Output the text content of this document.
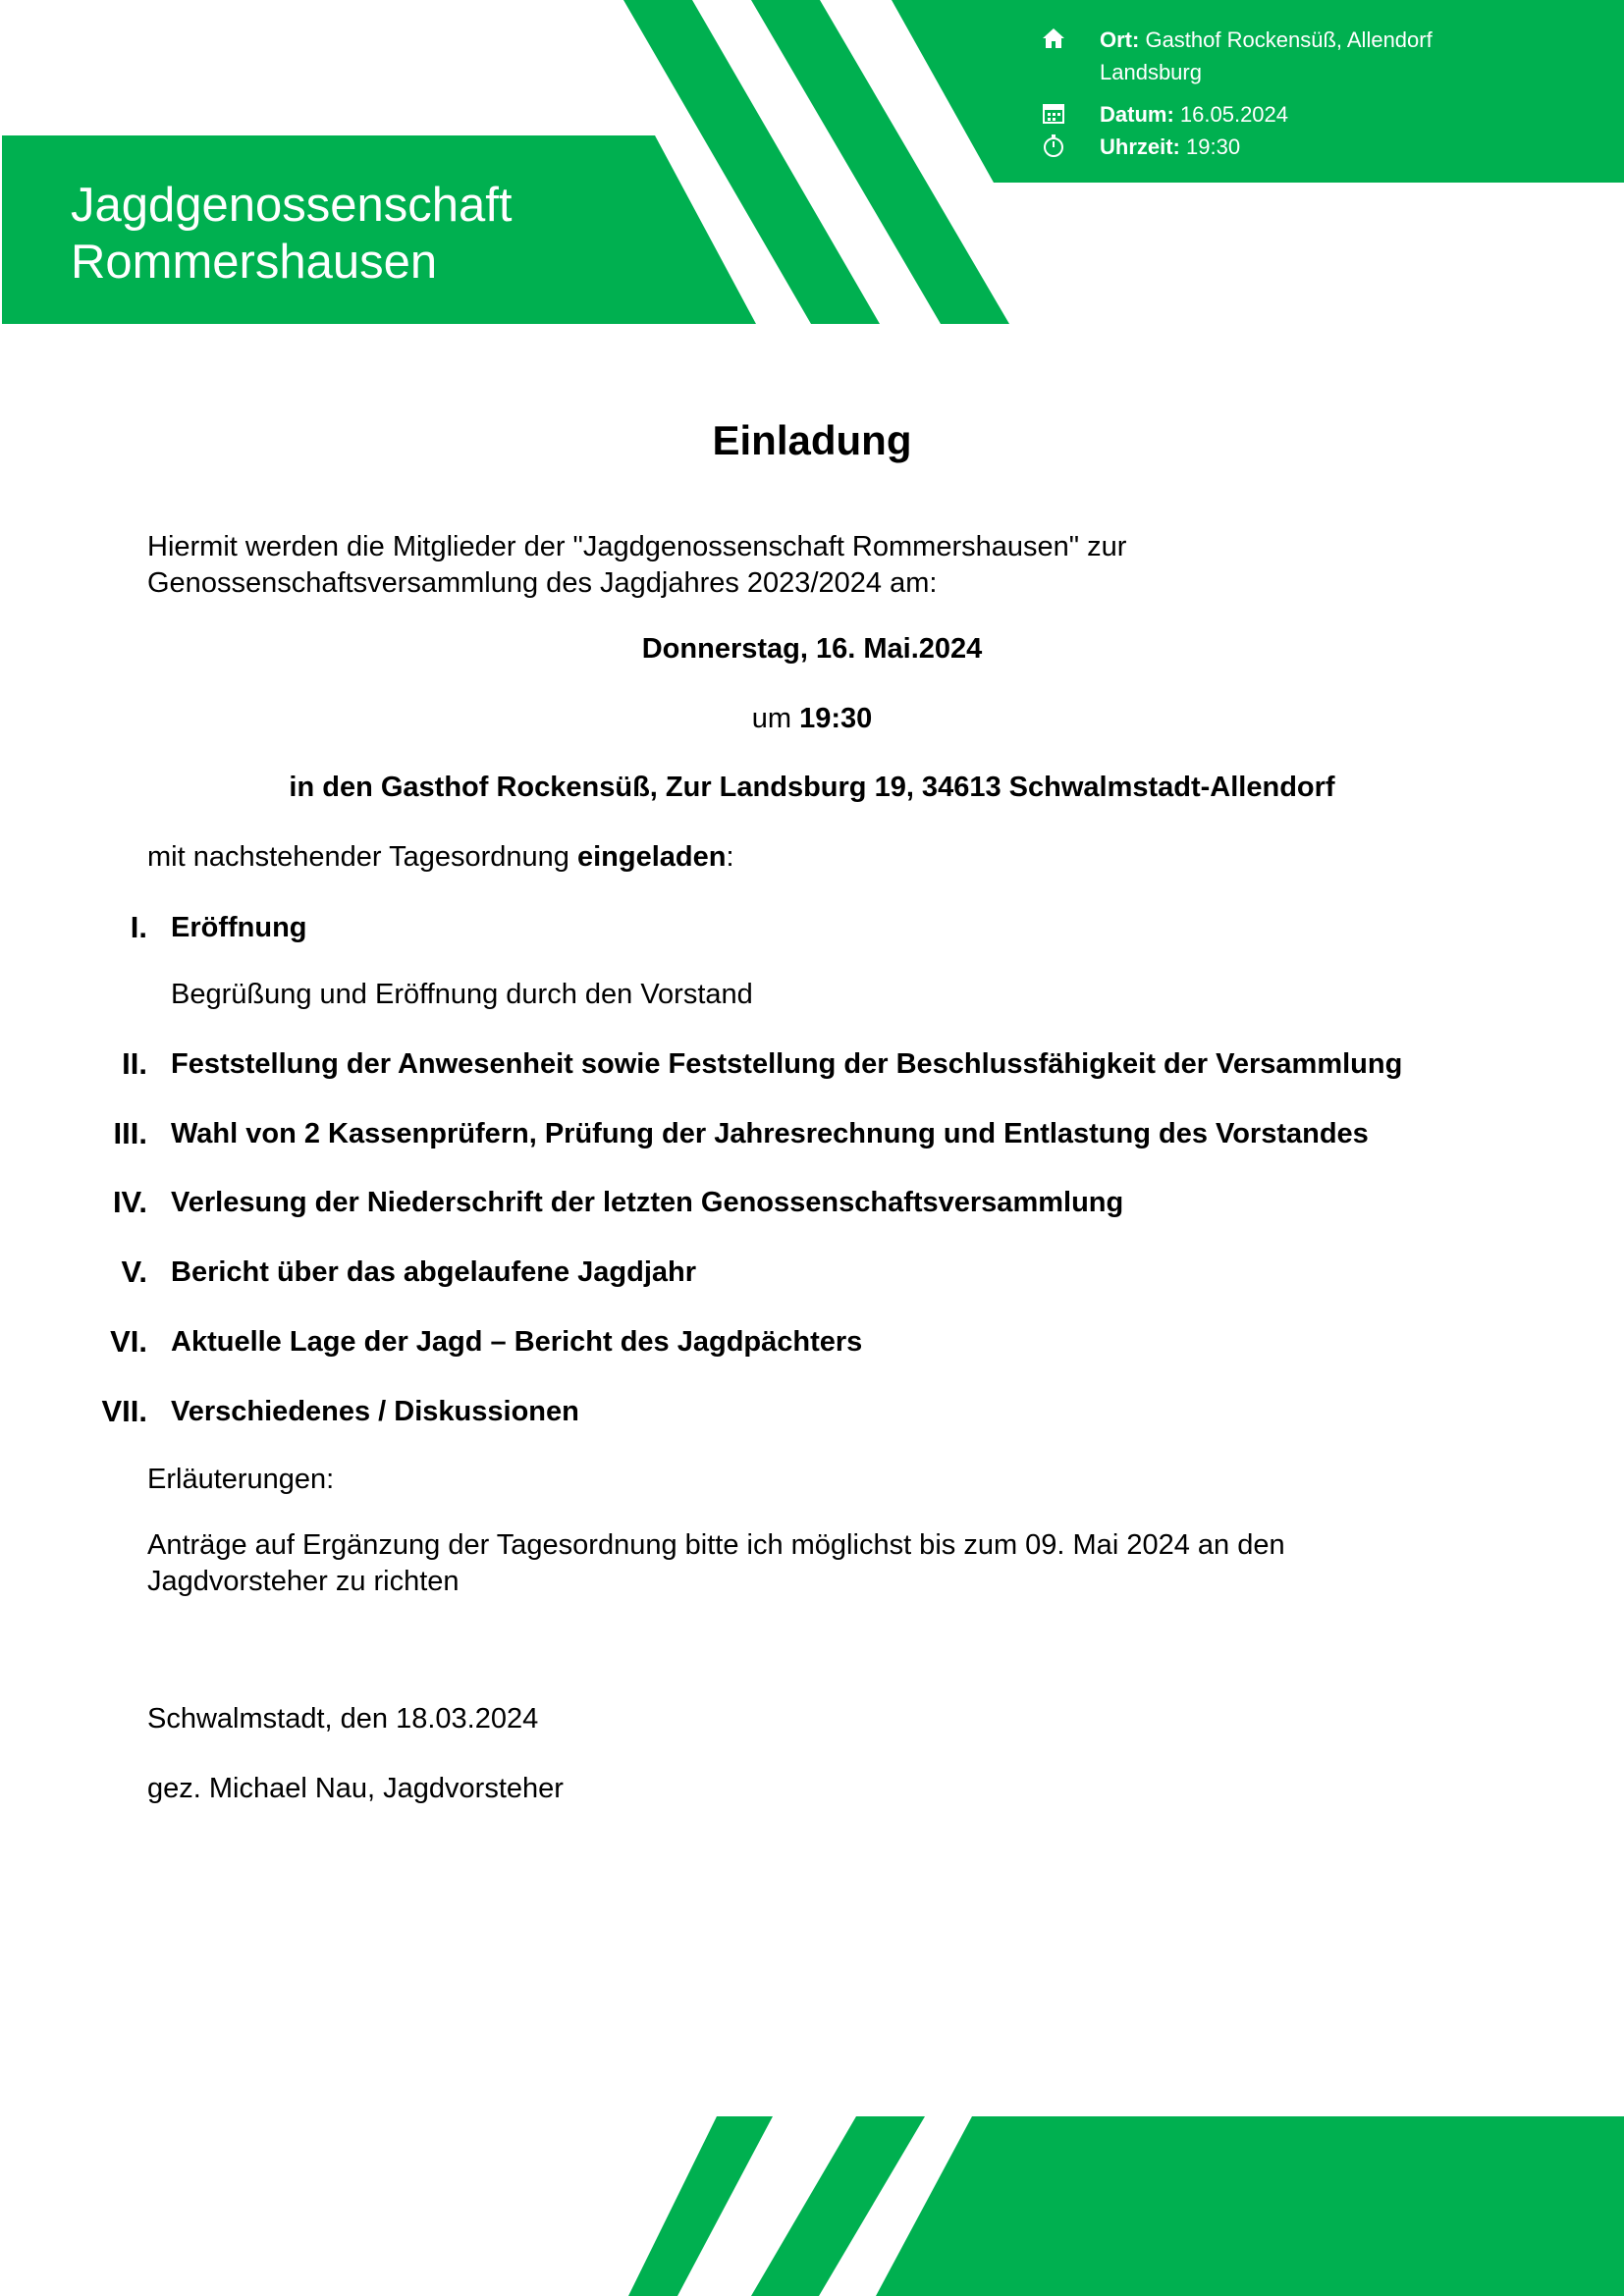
Jagdgenossenschaft
Rommershausen
Ort: Gasthof Rockensüß, Allendorf
Landsburg
Datum: 16.05.2024
Uhrzeit: 19:30
Einladung
Hiermit werden die Mitglieder der "Jagdgenossenschaft Rommershausen" zur
Genossenschaftsversammlung des Jagdjahres 2023/2024 am:
Donnerstag, 16. Mai.2024
um 19:30
in den Gasthof Rockensüß, Zur Landsburg 19, 34613 Schwalmstadt-Allendorf
mit nachstehender Tagesordnung eingeladen:
I. Eröffnung
Begrüßung und Eröffnung durch den Vorstand
II. Feststellung der Anwesenheit sowie Feststellung der Beschlussfähigkeit der Versammlung
III. Wahl von 2 Kassenprüfern, Prüfung der Jahresrechnung und Entlastung des Vorstandes
IV. Verlesung der Niederschrift der letzten Genossenschaftsversammlung
V. Bericht über das abgelaufene Jagdjahr
VI. Aktuelle Lage der Jagd – Bericht des Jagdpächters
VII. Verschiedenes / Diskussionen
Erläuterungen:
Anträge auf Ergänzung der Tagesordnung bitte ich möglichst bis zum 09. Mai 2024 an den
Jagdvorsteher zu richten
Schwalmstadt, den 18.03.2024
gez. Michael Nau, Jagdvorsteher
